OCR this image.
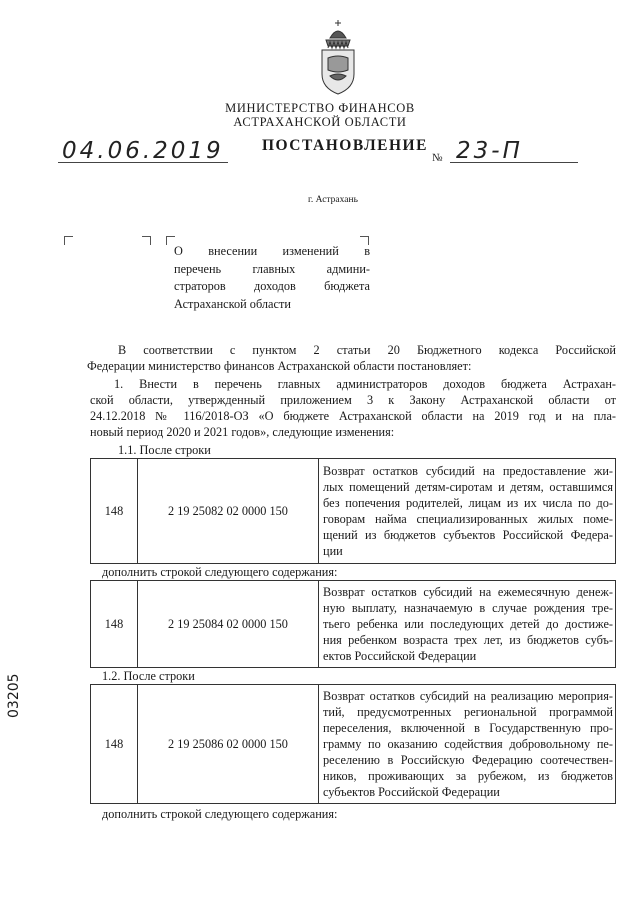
МИНИСТЕРСТВО ФИНАНСОВ
АСТРАХАНСКОЙ ОБЛАСТИ
04.06.2019 ПОСТАНОВЛЕНИЕ
№ 23-П
г. Астрахань
О внесении изменений в
перечень главных админи-
страторов доходов бюджета
Астраханской области
В соответствии с пунктом 2 статьи 20 Бюджетного кодекса Российской
Федерации министерство финансов Астраханской области постановляет:
1. Внести в перечень главных администраторов доходов бюджета Астрахан-
ской области, утвержденный приложением 3 к Закону Астраханской области от
24.12.2018 № 116/2018-ОЗ «О бюджете Астраханской области на 2019 год и на пла-
новый период 2020 и 2021 годов», следующие изменения:
1.1. После строки
148	2 19 25082 02 0000 150	
Возврат остатков субсидий на предоставление жи-
лых помещений детям-сиротам и детям, оставшимся
без попечения родителей, лицам из их числа по до-
говорам найма специализированных жилых поме-
щений из бюджетов субъектов Российской Федера-
ции
дополнить строкой следующего содержания:
148	2 19 25084 02 0000 150	
Возврат остатков субсидий на ежемесячную денеж-
ную выплату, назначаемую в случае рождения тре-
тьего ребенка или последующих детей до достиже-
ния ребенком возраста трех лет, из бюджетов субъ-
ектов Российской Федерации
1.2. После строки
148	2 19 25086 02 0000 150	
Возврат остатков субсидий на реализацию мероприя-
тий, предусмотренных региональной программой
переселения, включенной в Государственную про-
грамму по оказанию содействия добровольному пе-
реселению в Российскую Федерацию соотечествен-
ников, проживающих за рубежом, из бюджетов
субъектов Российской Федерации
дополнить строкой следующего содержания:
03205
